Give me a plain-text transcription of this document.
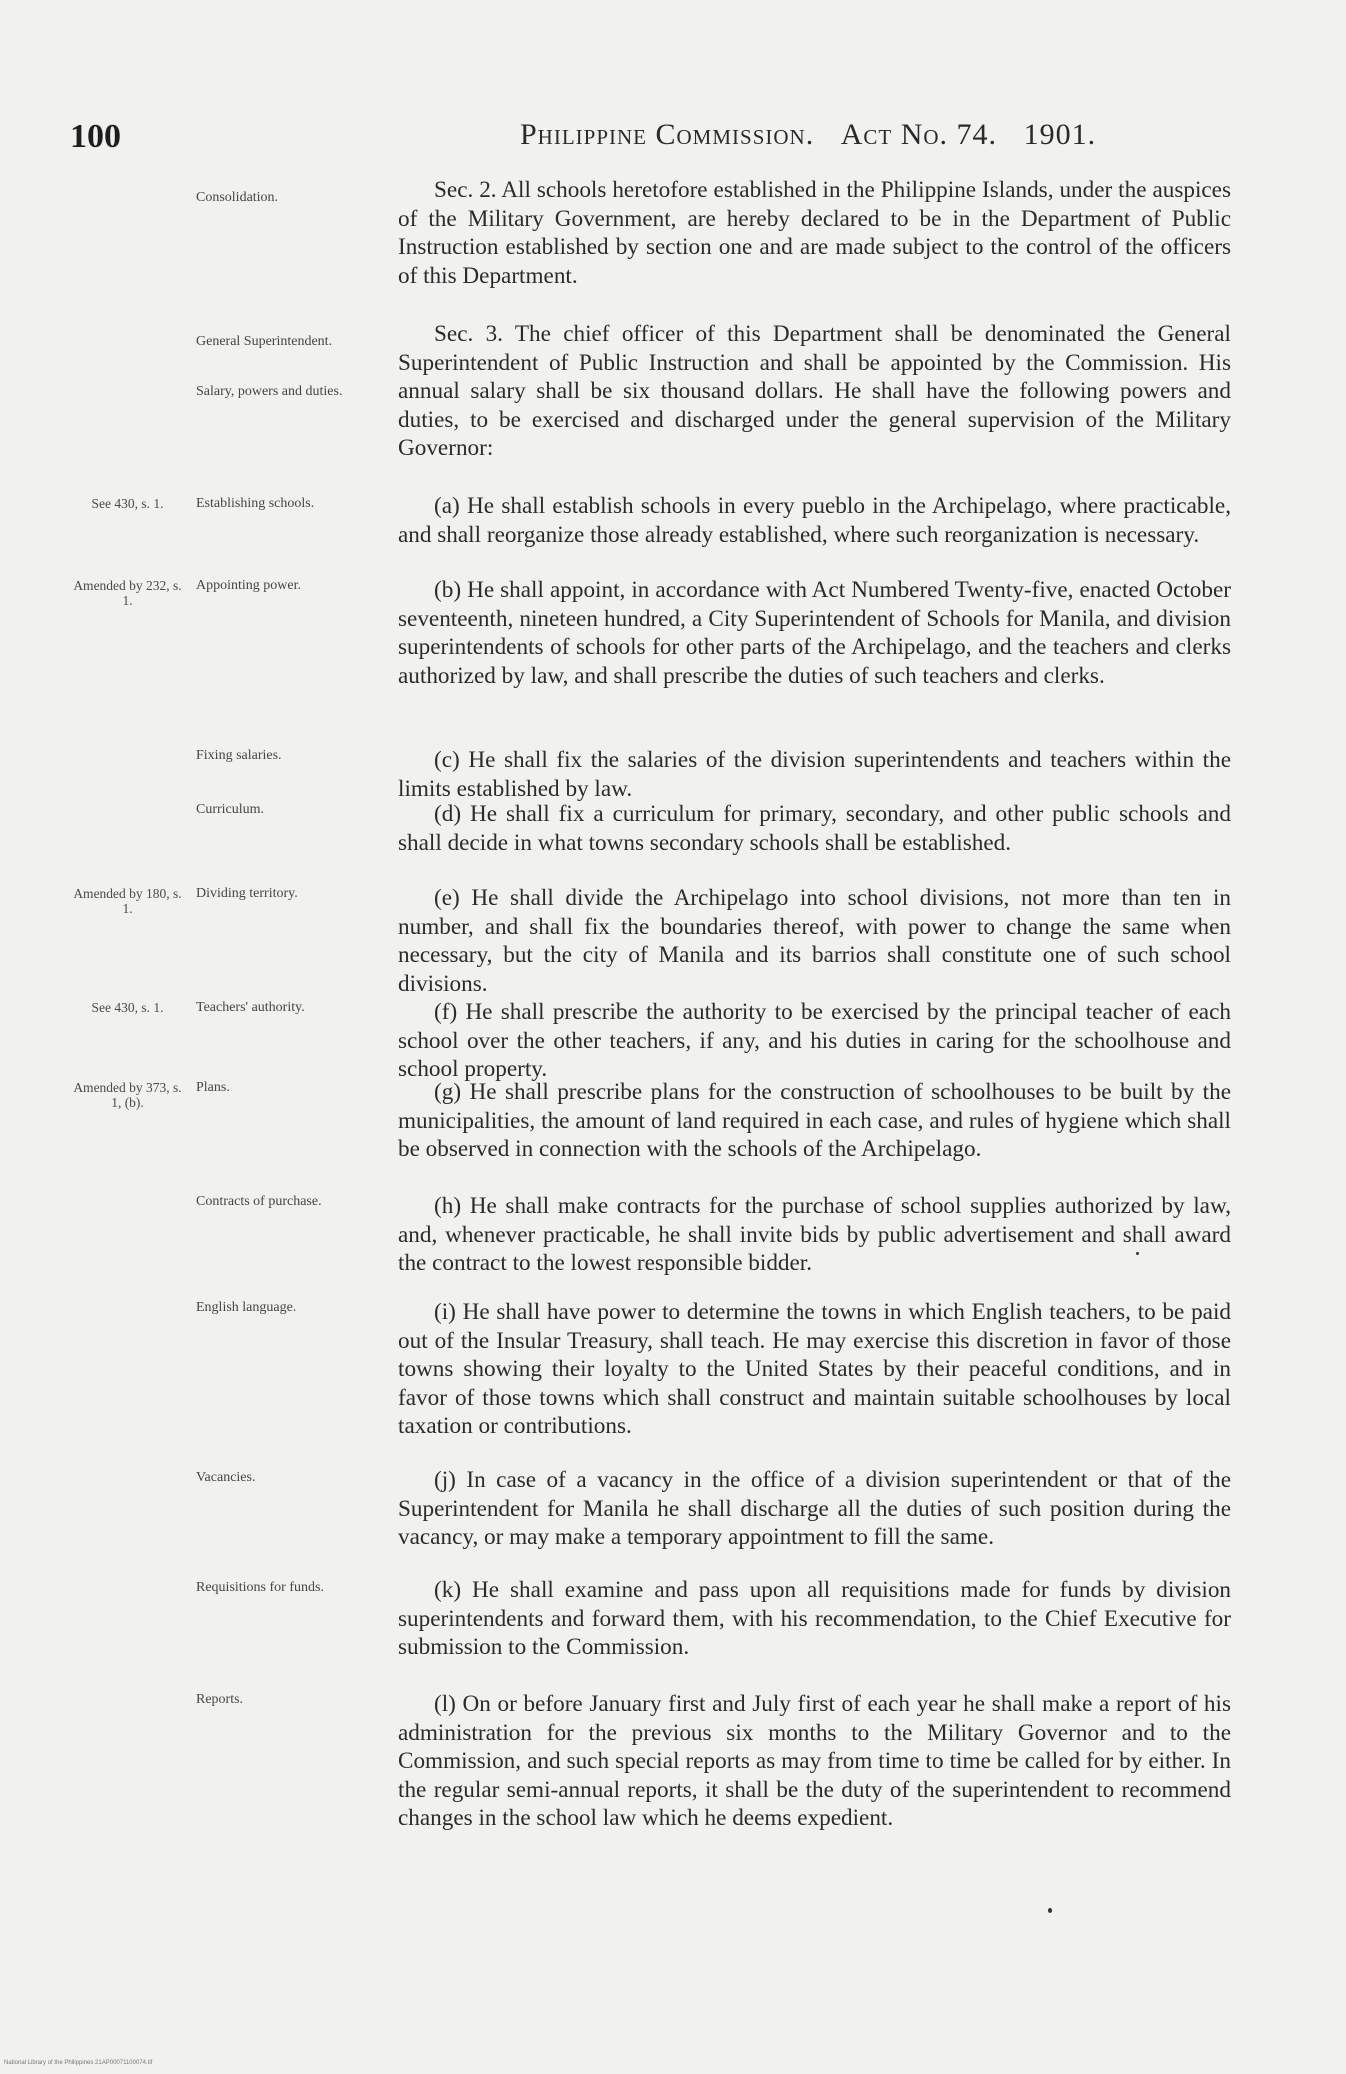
100	Philippine Commission. Act No. 74. 1901.
See 430, s. 1.
Amended by 232, s. 1.
Amended by 180, s. 1.
See 430, s. 1.
Amended by 373, s. 1, (b).
Consolidation.
General Superintendent.
Salary, powers and duties.
Establishing schools.
Appointing power.
Fixing salaries.
Curriculum.
Dividing territory.
Teachers' authority.
Plans.
Contracts of purchase.
English language.
Vacancies.
Requisitions for funds.
Reports.
Sec. 2. All schools heretofore established in the Philippine Islands, under the auspices of the Military Government, are hereby declared to be in the Department of Public Instruction established by section one and are made subject to the control of the officers of this Department.
Sec. 3. The chief officer of this Department shall be denominated the General Superintendent of Public Instruction and shall be appointed by the Commission. His annual salary shall be six thousand dollars. He shall have the following powers and duties, to be exercised and discharged under the general supervision of the Military Governor:
(a) He shall establish schools in every pueblo in the Archipelago, where practicable, and shall reorganize those already established, where such reorganization is necessary.
(b) He shall appoint, in accordance with Act Numbered Twenty-five, enacted October seventeenth, nineteen hundred, a City Superintendent of Schools for Manila, and division superintendents of schools for other parts of the Archipelago, and the teachers and clerks authorized by law, and shall prescribe the duties of such teachers and clerks.
(c) He shall fix the salaries of the division superintendents and teachers within the limits established by law.
(d) He shall fix a curriculum for primary, secondary, and other public schools and shall decide in what towns secondary schools shall be established.
(e) He shall divide the Archipelago into school divisions, not more than ten in number, and shall fix the boundaries thereof, with power to change the same when necessary, but the city of Manila and its barrios shall constitute one of such school divisions.
(f) He shall prescribe the authority to be exercised by the principal teacher of each school over the other teachers, if any, and his duties in caring for the schoolhouse and school property.
(g) He shall prescribe plans for the construction of schoolhouses to be built by the municipalities, the amount of land required in each case, and rules of hygiene which shall be observed in connection with the schools of the Archipelago.
(h) He shall make contracts for the purchase of school supplies authorized by law, and, whenever practicable, he shall invite bids by public advertisement and shall award the contract to the lowest responsible bidder.
(i) He shall have power to determine the towns in which English teachers, to be paid out of the Insular Treasury, shall teach. He may exercise this discretion in favor of those towns showing their loyalty to the United States by their peaceful conditions, and in favor of those towns which shall construct and maintain suitable schoolhouses by local taxation or contributions.
(j) In case of a vacancy in the office of a division superintendent or that of the Superintendent for Manila he shall discharge all the duties of such position during the vacancy, or may make a temporary appointment to fill the same.
(k) He shall examine and pass upon all requisitions made for funds by division superintendents and forward them, with his recommendation, to the Chief Executive for submission to the Commission.
(l) On or before January first and July first of each year he shall make a report of his administration for the previous six months to the Military Governor and to the Commission, and such special reports as may from time to time be called for by either. In the regular semi-annual reports, it shall be the duty of the superintendent to recommend changes in the school law which he deems expedient.
National Library of the Philippines 21AP00071100074.tif
